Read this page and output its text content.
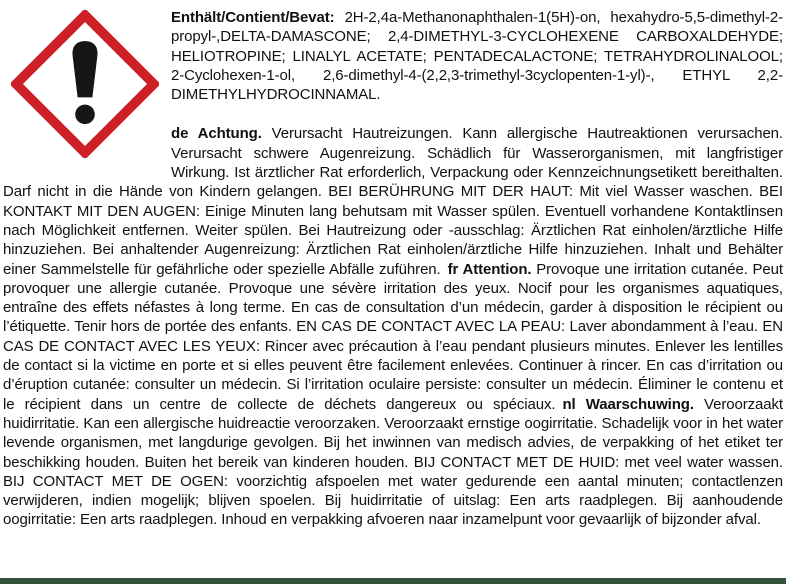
Enthält/Contient/Bevat: 2H-2,4a-Methanonaphthalen-1(5H)-on, hexahydro-5,5-dimethyl-2-propyl-,DELTA-DAMASCONE; 2,4-DIMETHYL-3-CYCLOHEXENE CARBOXALDEHYDE; HELIOTROPINE; LINALYL ACETATE; PENTADECALACTONE; TETRAHYDROLINALOOL; 2-Cyclohexen-1-ol, 2,6-dimethyl-4-(2,2,3-trimethyl-3cyclopenten-1-yl)-, ETHYL 2,2-DIMETHYLHYDROCINNAMAL.

de Achtung. Verursacht Hautreizungen. Kann allergische Hautreaktionen verursachen. Verursacht schwere Augenreizung. Schädlich für Wasserorganismen, mit langfristiger Wirkung. Ist ärztlicher Rat erforderlich, Verpackung oder Kennzeichnungsetikett bereithalten. Darf nicht in die Hände von Kindern gelangen. BEI BERÜHRUNG MIT DER HAUT: Mit viel Wasser waschen. BEI KONTAKT MIT DEN AUGEN: Einige Minuten lang behutsam mit Wasser spülen. Eventuell vorhandene Kontaktlinsen nach Möglichkeit entfernen. Weiter spülen. Bei Hautreizung oder -ausschlag: Ärztlichen Rat einholen/ärztliche Hilfe hinzuziehen. Bei anhaltender Augenreizung: Ärztlichen Rat einholen/ärztliche Hilfe hinzuziehen. Inhalt und Behälter einer Sammelstelle für gefährliche oder spezielle Abfälle zuführen. fr Attention. Provoque une irritation cutanée. Peut provoquer une allergie cutanée. Provoque une sévère irritation des yeux. Nocif pour les organismes aquatiques, entraîne des effets néfastes à long terme. En cas de consultation d’un médecin, garder à disposition le récipient ou l’étiquette. Tenir hors de portée des enfants. EN CAS DE CONTACT AVEC LA PEAU: Laver abondamment à l’eau. EN CAS DE CONTACT AVEC LES YEUX: Rincer avec précaution à l’eau pendant plusieurs minutes. Enlever les lentilles de contact si la victime en porte et si elles peuvent être facilement enlevées. Continuer à rincer. En cas d’irritation ou d’éruption cutanée: consulter un médecin. Si l’irritation oculaire persiste: consulter un médecin. Éliminer le contenu et le récipient dans un centre de collecte de déchets dangereux ou spéciaux. nl Waarschuwing. Veroorzaakt huidirritatie. Kan een allergische huidreactie veroorzaken. Veroorzaakt ernstige oogirritatie. Schadelijk voor in het water levende organismen, met langdurige gevolgen. Bij het inwinnen van medisch advies, de verpakking of het etiket ter beschikking houden. Buiten het bereik van kinderen houden. BIJ CONTACT MET DE HUID: met veel water wassen. BIJ CONTACT MET DE OGEN: voorzichtig afspoelen met water gedurende een aantal minuten; contactlenzen verwijderen, indien mogelijk; blijven spoelen. Bij huidirritatie of uitslag: Een arts raadplegen. Bij aanhoudende oogirritatie: Een arts raadplegen. Inhoud en verpakking afvoeren naar inzamelpunt voor gevaarlijk of bijzonder afval.
